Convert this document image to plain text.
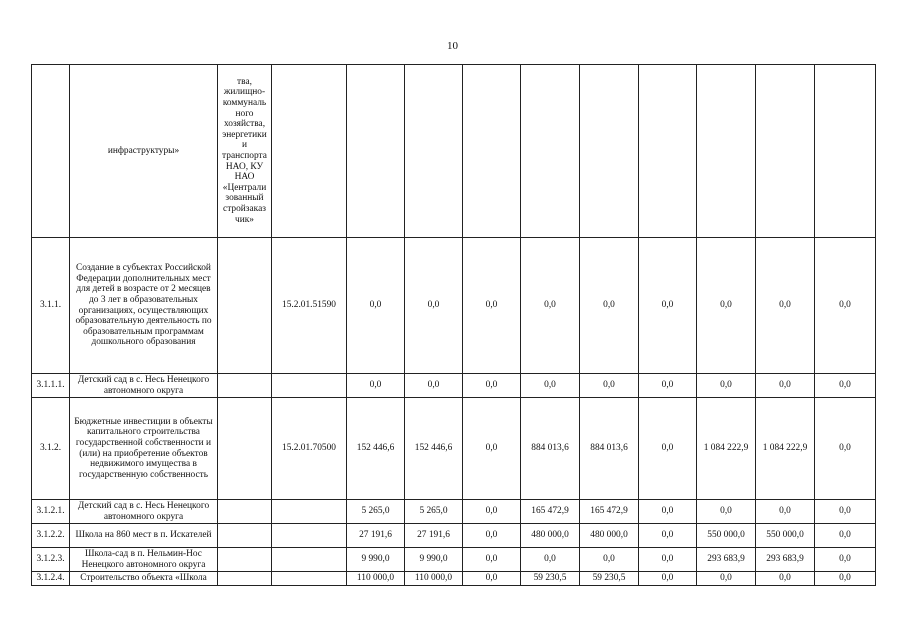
10
	инфраструктуры»	тва, жилищно-коммуналь ного хозяйства, энергетики и транспорта НАО, КУ НАО «Централи зованный стройзаказ чик»										
3.1.1.	Создание в субъектах Российской Федерации дополнительных мест для детей в возрасте от 2 месяцев до 3 лет в образовательных организациях, осуществляющих образовательную деятельность по образовательным программам дошкольного образования		15.2.01.51590	0,0	0,0	0,0	0,0	0,0	0,0	0,0	0,0	0,0
3.1.1.1.	Детский сад в с. Несь Ненецкого автономного округа			0,0	0,0	0,0	0,0	0,0	0,0	0,0	0,0	0,0
3.1.2.	Бюджетные инвестиции в объекты капитального строительства государственной собственности и (или) на приобретение объектов недвижимого имущества в государственную собственность		15.2.01.70500	152 446,6	152 446,6	0,0	884 013,6	884 013,6	0,0	1 084 222,9	1 084 222,9	0,0
3.1.2.1.	Детский сад в с. Несь Ненецкого автономного округа			5 265,0	5 265,0	0,0	165 472,9	165 472,9	0,0	0,0	0,0	0,0
3.1.2.2.	Школа на 860 мест в п. Искателей			27 191,6	27 191,6	0,0	480 000,0	480 000,0	0,0	550 000,0	550 000,0	0,0
3.1.2.3.	Школа-сад в п. Нельмин-Нос Ненецкого автономного округа			9 990,0	9 990,0	0,0	0,0	0,0	0,0	293 683,9	293 683,9	0,0
3.1.2.4.	Строительство объекта «Школа			110 000,0	110 000,0	0,0	59 230,5	59 230,5	0,0	0,0	0,0	0,0
